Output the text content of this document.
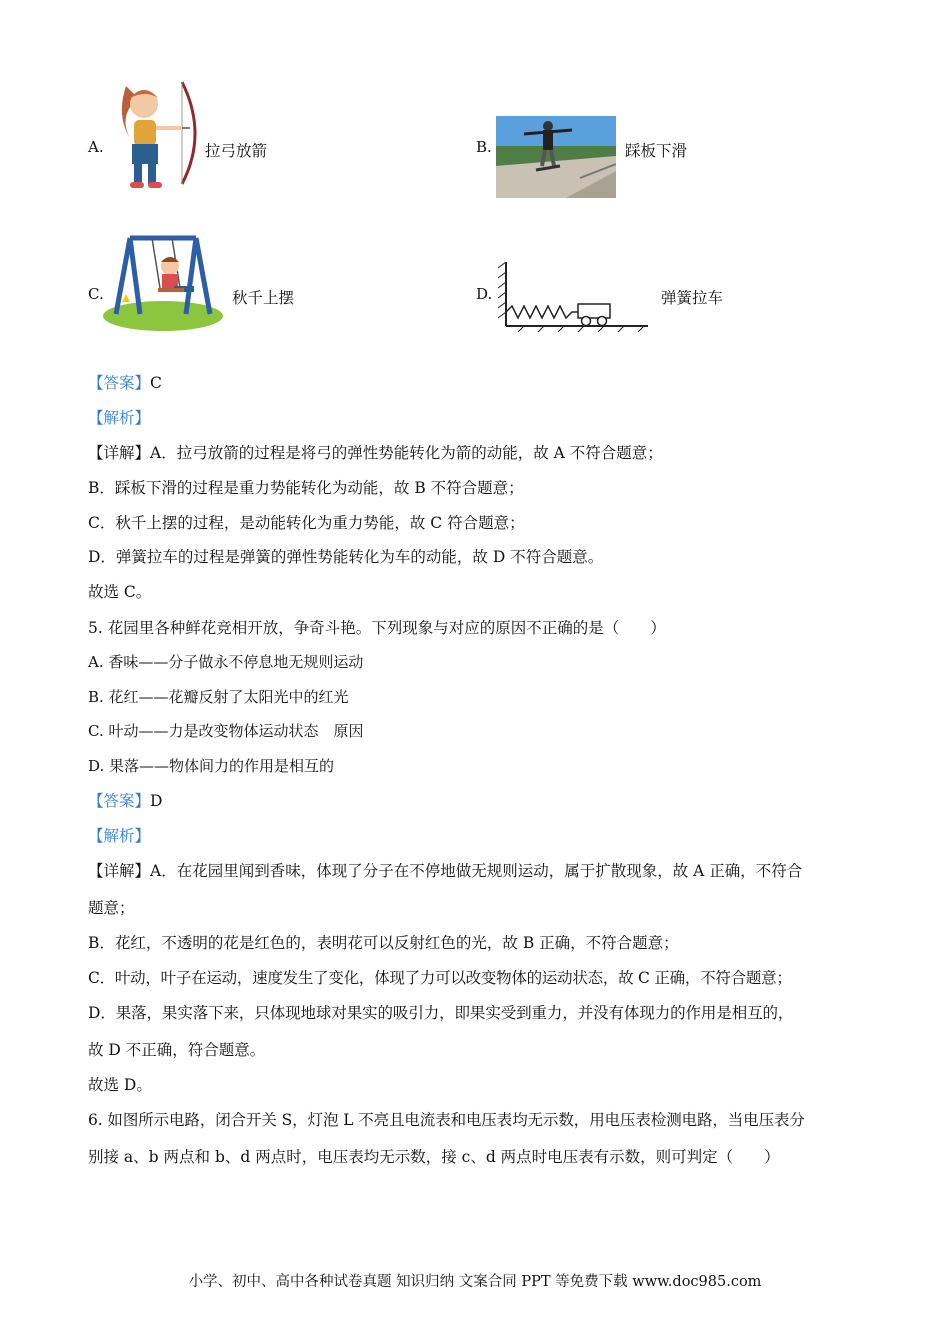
A.	拉弓放箭	B.	踩板下滑
C.	秋千上摆	D.	弹簧拉车
【答案】C
【解析】
【详解】A．拉弓放箭的过程是将弓的弹性势能转化为箭的动能，故 A 不符合题意；
B．踩板下滑的过程是重力势能转化为动能，故 B 不符合题意；
C．秋千上摆的过程，是动能转化为重力势能，故 C 符合题意；
D．弹簧拉车的过程是弹簧的弹性势能转化为车的动能，故 D 不符合题意。
故选 C。
5. 花园里各种鲜花竞相开放，争奇斗艳。下列现象与对应的原因不正确的是（　　）
A. 香味——分子做永不停息地无规则运动
B. 花红——花瓣反射了太阳光中的红光
C. 叶动——力是改变物体运动状态　原因
D. 果落——物体间力的作用是相互的
【答案】D
【解析】
【详解】A．在花园里闻到香味，体现了分子在不停地做无规则运动，属于扩散现象，故 A 正确，不符合
题意；
B．花红，不透明的花是红色的，表明花可以反射红色的光，故 B 正确，不符合题意；
C．叶动，叶子在运动，速度发生了变化，体现了力可以改变物体的运动状态，故 C 正确，不符合题意；
D．果落，果实落下来，只体现地球对果实的吸引力，即果实受到重力，并没有体现力的作用是相互的，
故 D 不正确，符合题意。
故选 D。
6. 如图所示电路，闭合开关 S，灯泡 L 不亮且电流表和电压表均无示数，用电压表检测电路，当电压表分
别接 a、b 两点和 b、d 两点时，电压表均无示数，接 c、d 两点时电压表有示数，则可判定（　　）
小学、初中、高中各种试卷真题 知识归纳 文案合同 PPT 等免费下载 www.doc985.com
